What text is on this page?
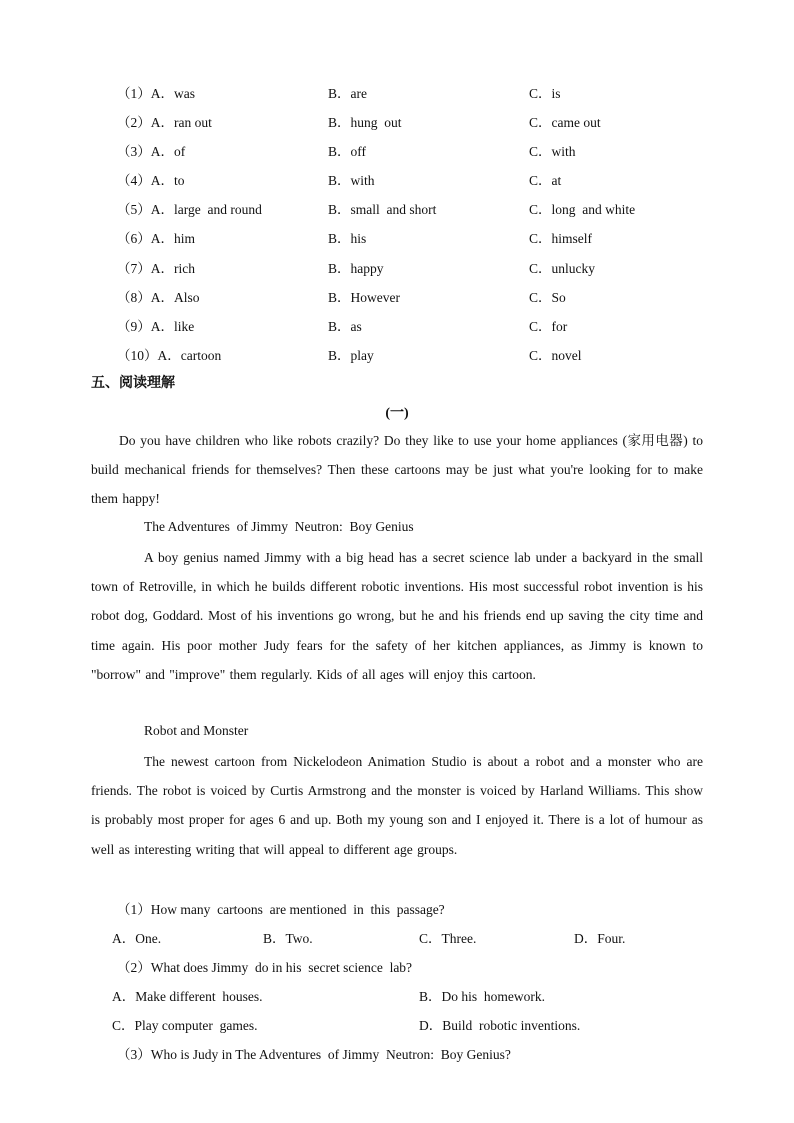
（1）A．was	B．are	C．is
（2）A．ran out	B．hung  out	C．came out
（3）A．of	B．off	C．with
（4）A．to	B．with	C．at
（5）A．large  and round	B．small  and short	C．long  and white
（6）A．him	B．his	C．himself
（7）A．rich	B．happy	C．unlucky
（8）A．Also	B．However	C．So
（9）A．like	B．as	C．for
（10）A．cartoon	B．play	C．novel
五、阅读理解
(一)

Do you have children who like robots crazily? Do they like to use your home appliances (家用电器) to build mechanical friends for themselves? Then these cartoons may be just what you're looking for to make them happy!

The Adventures  of Jimmy  Neutron:  Boy Genius

A boy genius named Jimmy with a big head has a secret science lab under a backyard in the small town of Retroville, in which he builds different robotic inventions. His most successful robot invention is his robot dog, Goddard. Most of his inventions go wrong, but he and his friends end up saving the city time and time again. His poor mother Judy fears for the safety of her kitchen appliances, as Jimmy is known to "borrow" and "improve" them regularly. Kids of all ages will enjoy this cartoon.

Robot and Monster

The newest cartoon from Nickelodeon Animation Studio is about a robot and a monster who are friends. The robot is voiced by Curtis Armstrong and the monster is voiced by Harland Williams. This show is probably most proper for ages 6 and up. Both my young son and I enjoyed it. There is a lot of humour as well as interesting writing that will appeal to different age groups.

（1）How many  cartoons  are mentioned  in  this  passage?
A．One.	B．Two.	C．Three.	D．Four.
（2）What does Jimmy  do in his  secret science  lab?
A．Make different  houses.	B．Do his  homework.
C．Play computer  games.	D．Build  robotic inventions.
（3）Who is Judy in The Adventures  of Jimmy  Neutron:  Boy Genius?
